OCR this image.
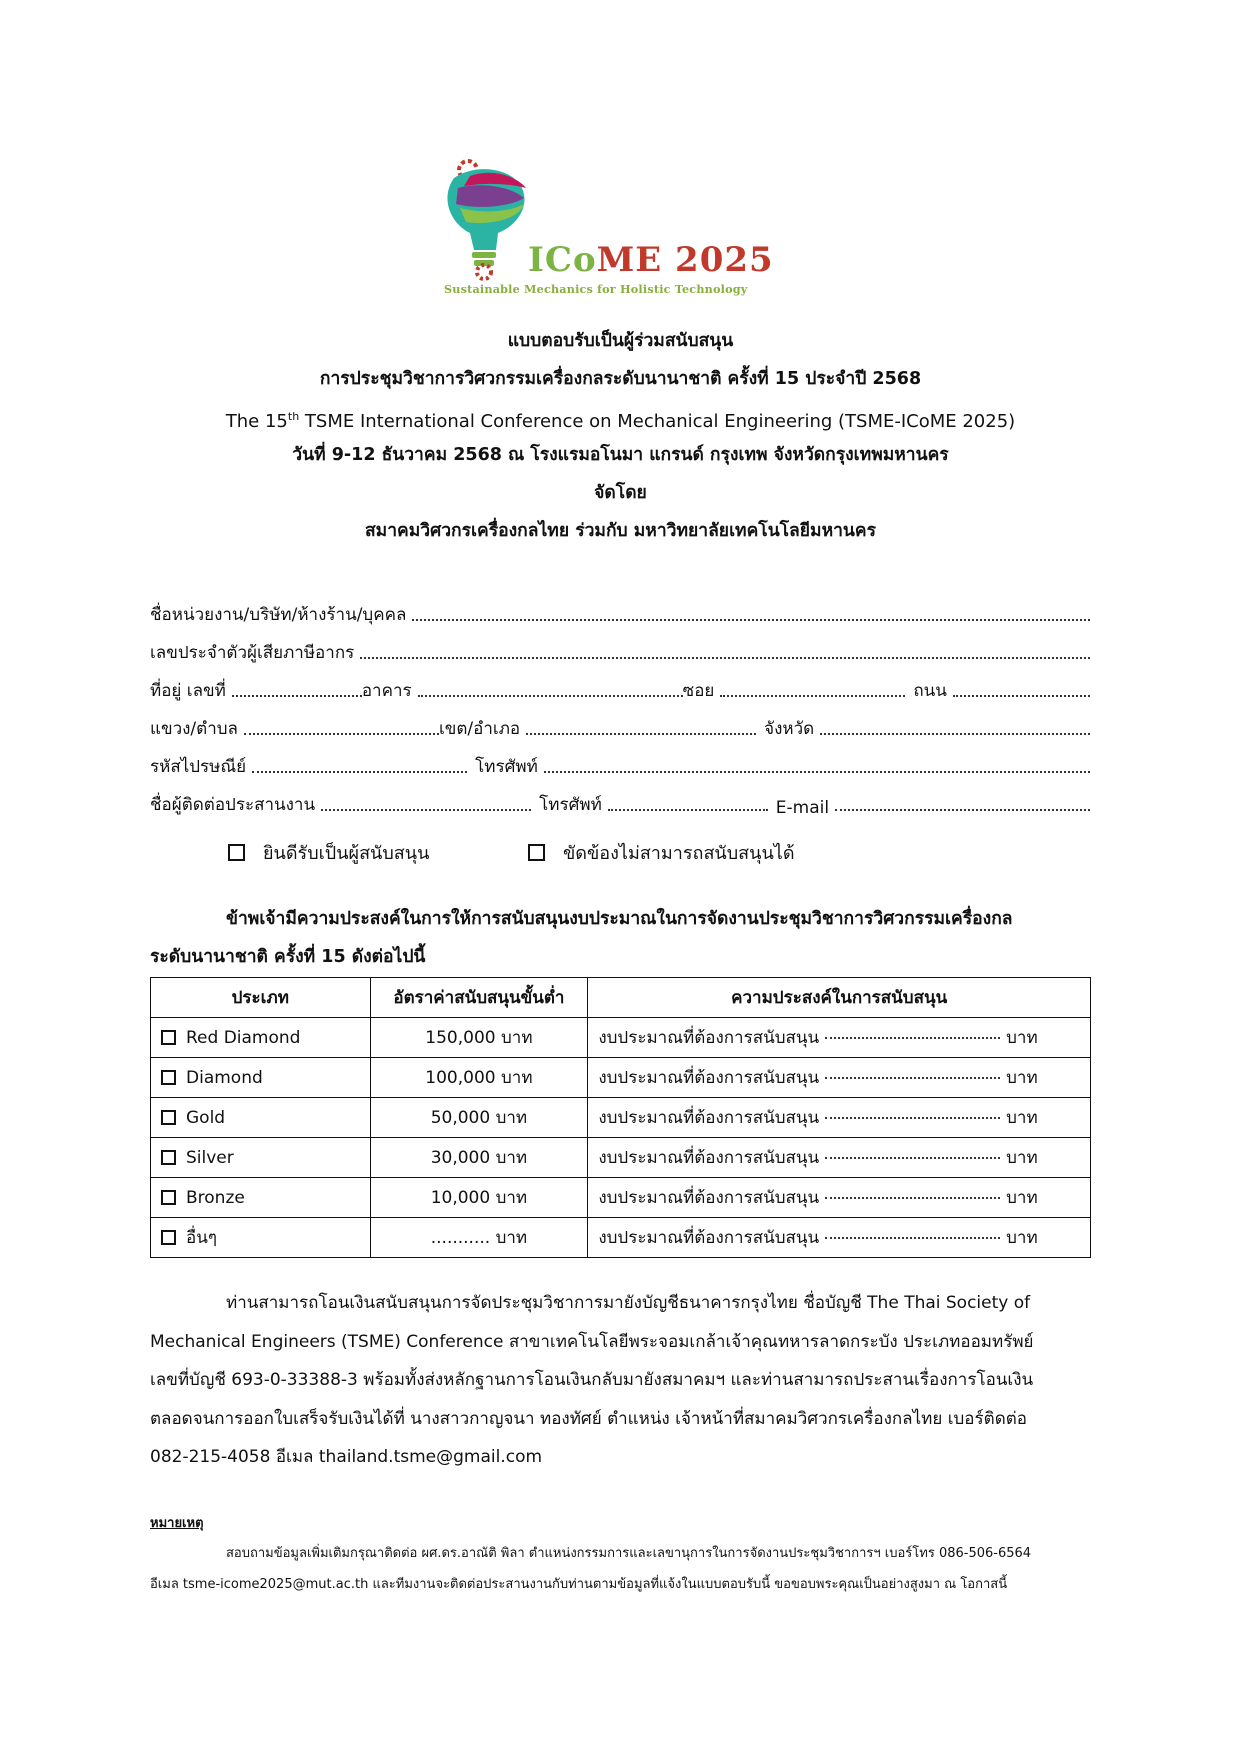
ICoME 2025
Sustainable Mechanics for Holistic Technology
แบบตอบรับเป็นผู้ร่วมสนับสนุน
การประชุมวิชาการวิศวกรรมเครื่องกลระดับนานาชาติ ครั้งที่ 15 ประจำปี 2568
The 15th TSME International Conference on Mechanical Engineering (TSME-ICoME 2025)
วันที่ 9-12 ธันวาคม 2568 ณ โรงแรมอโนมา แกรนด์ กรุงเทพ จังหวัดกรุงเทพมหานคร
จัดโดย
สมาคมวิศวกรเครื่องกลไทย ร่วมกับ มหาวิทยาลัยเทคโนโลยีมหานคร
ชื่อหน่วยงาน/บริษัท/ห้างร้าน/บุคคล
เลขประจำตัวผู้เสียภาษีอากร
ที่อยู่ เลขที่	อาคาร	ซอย	ถนน
แขวง/ตำบล	เขต/อำเภอ	จังหวัด
รหัสไปรษณีย์	โทรศัพท์
ชื่อผู้ติดต่อประสานงาน	โทรศัพท์	E-mail
ยินดีรับเป็นผู้สนับสนุน	ขัดข้องไม่สามารถสนับสนุนได้
ข้าพเจ้ามีความประสงค์ในการให้การสนับสนุนงบประมาณในการจัดงานประชุมวิชาการวิศวกรรมเครื่องกล
ระดับนานาชาติ ครั้งที่ 15 ดังต่อไปนี้
ประเภท	อัตราค่าสนับสนุนขั้นต่ำ	ความประสงค์ในการสนับสนุน
Red Diamond	150,000 บาท	งบประมาณที่ต้องการสนับสนุน บาท
Diamond	100,000 บาท	งบประมาณที่ต้องการสนับสนุน บาท
Gold	50,000 บาท	งบประมาณที่ต้องการสนับสนุน บาท
Silver	30,000 บาท	งบประมาณที่ต้องการสนับสนุน บาท
Bronze	10,000 บาท	งบประมาณที่ต้องการสนับสนุน บาท
อื่นๆ	........... บาท	งบประมาณที่ต้องการสนับสนุน บาท
ท่านสามารถโอนเงินสนับสนุนการจัดประชุมวิชาการมายังบัญชีธนาคารกรุงไทย ชื่อบัญชี The Thai Society of
Mechanical Engineers (TSME) Conference สาขาเทคโนโลยีพระจอมเกล้าเจ้าคุณทหารลาดกระบัง ประเภทออมทรัพย์
เลขที่บัญชี 693-0-33388-3 พร้อมทั้งส่งหลักฐานการโอนเงินกลับมายังสมาคมฯ และท่านสามารถประสานเรื่องการโอนเงิน
ตลอดจนการออกใบเสร็จรับเงินได้ที่ นางสาวกาญจนา ทองทัศย์ ตำแหน่ง เจ้าหน้าที่สมาคมวิศวกรเครื่องกลไทย เบอร์ติดต่อ
082-215-4058 อีเมล thailand.tsme@gmail.com
หมายเหตุ
สอบถามข้อมูลเพิ่มเติมกรุณาติดต่อ ผศ.ดร.อาณัติ พิลา ตำแหน่งกรรมการและเลขานุการในการจัดงานประชุมวิชาการฯ เบอร์โทร 086-506-6564
อีเมล tsme-icome2025@mut.ac.th และทีมงานจะติดต่อประสานงานกับท่านตามข้อมูลที่แจ้งในแบบตอบรับนี้ ขอขอบพระคุณเป็นอย่างสูงมา ณ โอกาสนี้
